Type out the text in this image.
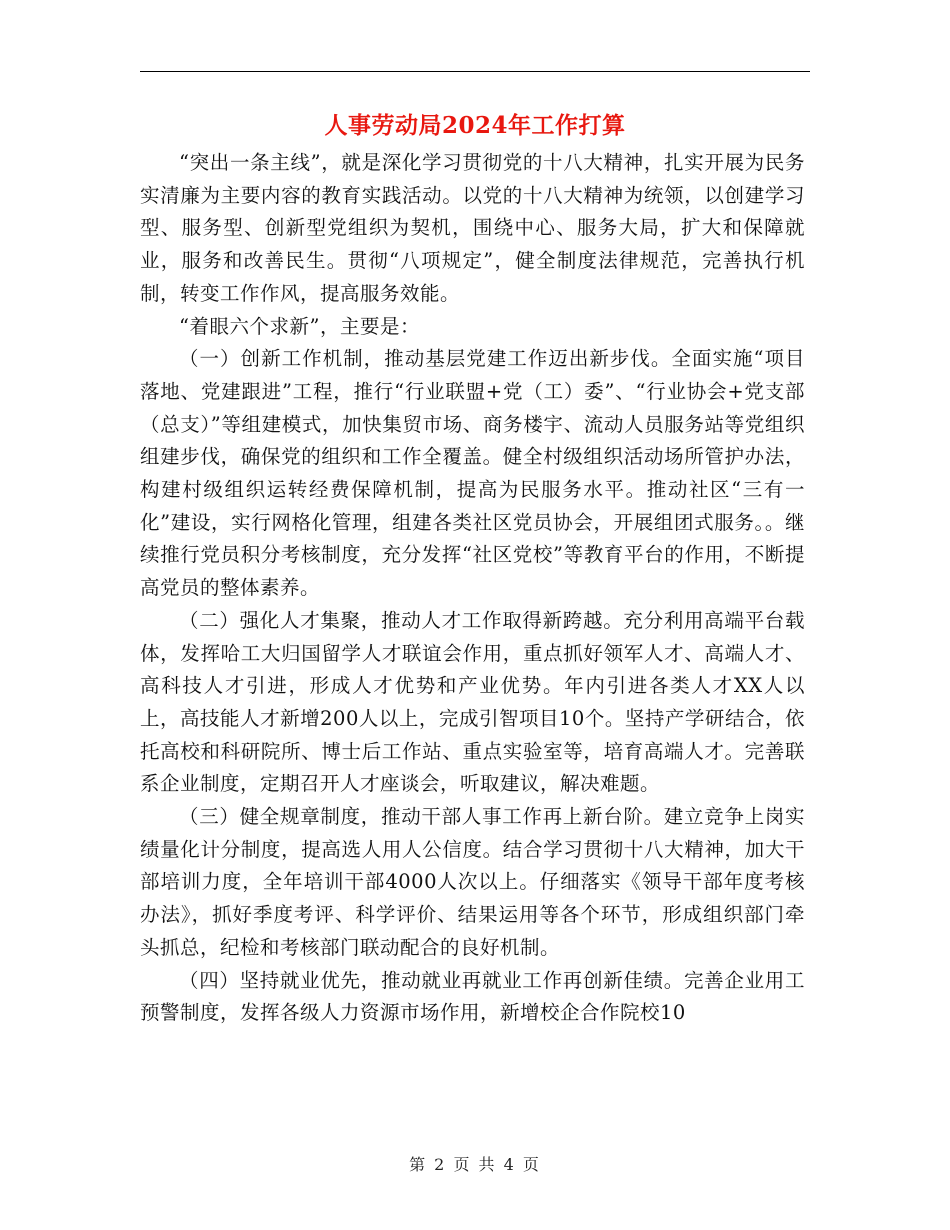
人事劳动局2024年工作打算

“突出一条主线”，就是深化学习贯彻党的十八大精神，扎实开展为民务实清廉为主要内容的教育实践活动。以党的十八大精神为统领，以创建学习型、服务型、创新型党组织为契机，围绕中心、服务大局，扩大和保障就业，服务和改善民生。贯彻“八项规定”，健全制度法律规范，完善执行机制，转变工作作风，提高服务效能。

“着眼六个求新”，主要是：

（一）创新工作机制，推动基层党建工作迈出新步伐。全面实施“项目落地、党建跟进”工程，推行“行业联盟+党（工）委”、“行业协会+党支部（总支）”等组建模式，加快集贸市场、商务楼宇、流动人员服务站等党组织组建步伐，确保党的组织和工作全覆盖。健全村级组织活动场所管护办法，构建村级组织运转经费保障机制，提高为民服务水平。推动社区“三有一化”建设，实行网格化管理，组建各类社区党员协会，开展组团式服务。。继续推行党员积分考核制度，充分发挥“社区党校”等教育平台的作用，不断提高党员的整体素养。

（二）强化人才集聚，推动人才工作取得新跨越。充分利用高端平台载体，发挥哈工大归国留学人才联谊会作用，重点抓好领军人才、高端人才、高科技人才引进，形成人才优势和产业优势。年内引进各类人才XX人以上，高技能人才新增200人以上，完成引智项目10个。坚持产学研结合，依托高校和科研院所、博士后工作站、重点实验室等，培育高端人才。完善联系企业制度，定期召开人才座谈会，听取建议，解决难题。

（三）健全规章制度，推动干部人事工作再上新台阶。建立竞争上岗实绩量化计分制度，提高选人用人公信度。结合学习贯彻十八大精神，加大干部培训力度，全年培训干部4000人次以上。仔细落实《领导干部年度考核办法》，抓好季度考评、科学评价、结果运用等各个环节，形成组织部门牵头抓总，纪检和考核部门联动配合的良好机制。

（四）坚持就业优先，推动就业再就业工作再创新佳绩。完善企业用工预警制度，发挥各级人力资源市场作用，新增校企合作院校10

第 2 页 共 4 页
